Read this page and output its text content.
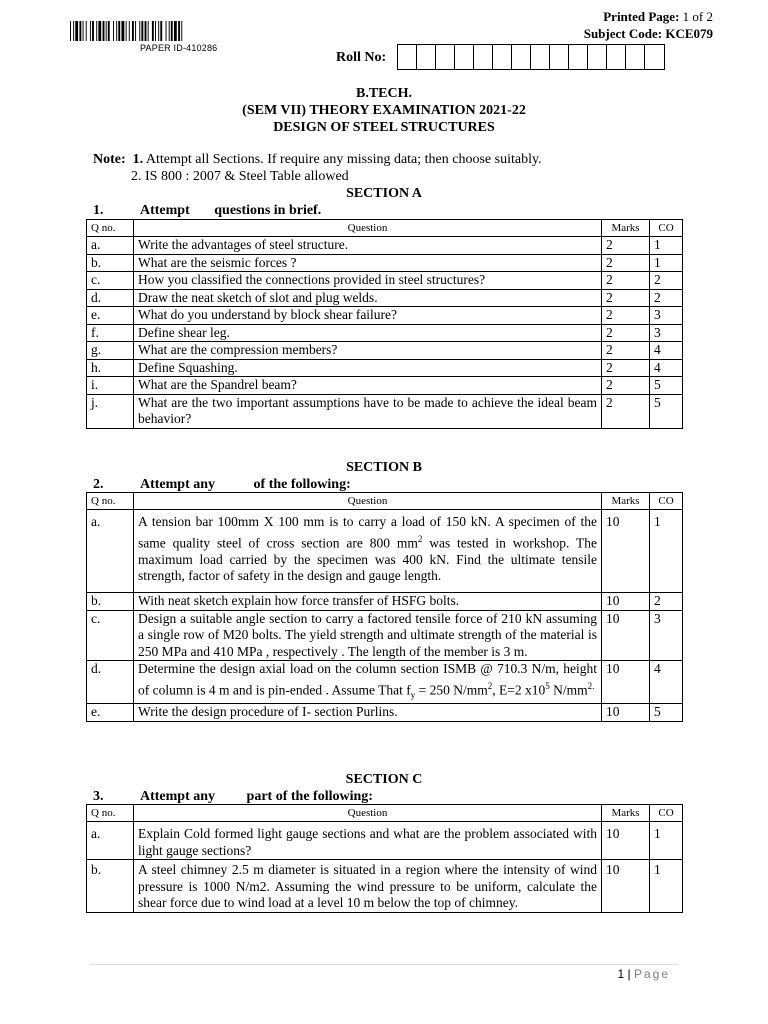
PAPER ID-410286
Printed Page: 1 of 2
Subject Code: KCE079
Roll No:
B.TECH.
(SEM VII) THEORY EXAMINATION 2021-22
DESIGN OF STEEL STRUCTURES
Note: 1. Attempt all Sections. If require any missing data; then choose suitably.
2. IS 800 : 2007 & Steel Table allowed
SECTION A
1.	Attempt       questions in brief.
Q no.	Question	Marks	CO
a.	Write the advantages of steel structure.	2	1
b.	What are the seismic forces ?	2	1
c.	How you classified the connections provided in steel structures?	2	2
d.	Draw the neat sketch of slot and plug welds.	2	2
e.	What do you understand by block shear failure?	2	3
f.	Define shear leg.	2	3
g.	What are the compression members?	2	4
h.	Define Squashing.	2	4
i.	What are the Spandrel beam?	2	5
j.	What are the two important assumptions have to be made to achieve the ideal beam behavior?	2	5
SECTION B
2.	Attempt any           of the following:
Q no.	Question	Marks	CO
a.	A tension bar 100mm X 100 mm is to carry a load of 150 kN. A specimen of the same quality steel of cross section are 800 $mm^2$ was tested in workshop. The maximum load carried by the specimen was 400 kN. Find the ultimate tensile strength, factor of safety in the design and gauge length.	10	1
b.	With neat sketch explain how force transfer of HSFG bolts.	10	2
c.	Design a suitable angle section to carry a factored tensile force of 210 kN assuming a single row of M20 bolts. The yield strength and ultimate strength of the material is 250 MPa and 410 MPa , respectively . The length of the member is 3 m.	10	3
d.	Determine the design axial load on the column section ISMB @ 710.3 N/m, height of column is 4 m and is pin-ended . Assume That $f_y = 250$ $N/mm^2$, E=2 $x10^5$ $N/mm^{2.}$	10	4
e.	Write the design procedure of I- section Purlins.	10	5
SECTION C
3.	Attempt any         part of the following:
Q no.	Question	Marks	CO
a.	Explain Cold formed light gauge sections and what are the problem associated with light gauge sections?	10	1
b.	A steel chimney 2.5 m diameter is situated in a region where the intensity of wind pressure is 1000 N/m2. Assuming the wind pressure to be uniform, calculate the shear force due to wind load at a level 10 m below the top of chimney.	10	1
1 | Page
